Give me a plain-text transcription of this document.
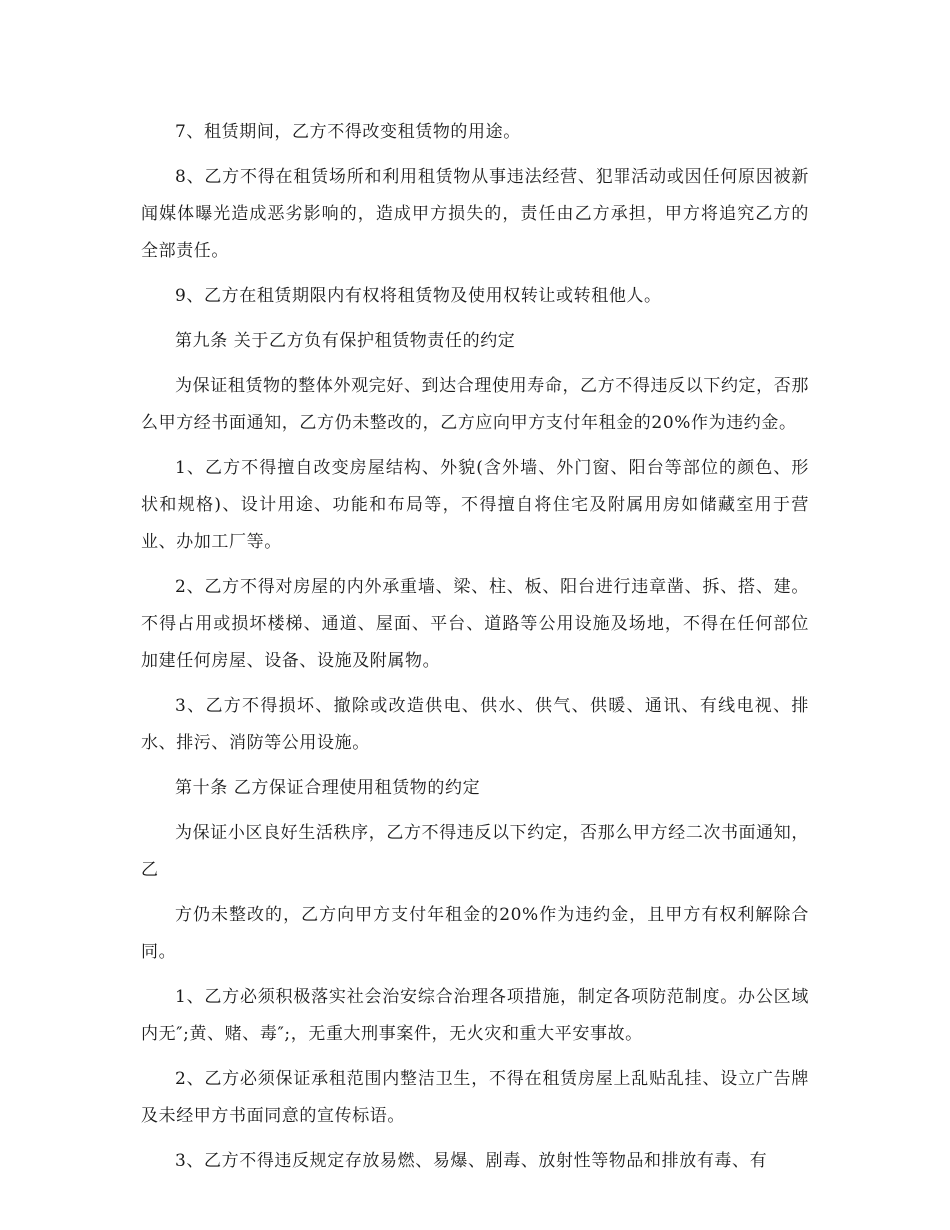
7、租赁期间，乙方不得改变租赁物的用途。

8、乙方不得在租赁场所和利用租赁物从事违法经营、犯罪活动或因任何原因被新闻媒体曝光造成恶劣影响的，造成甲方损失的，责任由乙方承担，甲方将追究乙方的全部责任。

9、乙方在租赁期限内有权将租赁物及使用权转让或转租他人。

第九条 关于乙方负有保护租赁物责任的约定

为保证租赁物的整体外观完好、到达合理使用寿命，乙方不得违反以下约定，否那么甲方经书面通知，乙方仍未整改的，乙方应向甲方支付年租金的20%作为违约金。

1、乙方不得擅自改变房屋结构、外貌(含外墙、外门窗、阳台等部位的颜色、形状和规格)、设计用途、功能和布局等，不得擅自将住宅及附属用房如储藏室用于营业、办加工厂等。

2、乙方不得对房屋的内外承重墙、梁、柱、板、阳台进行违章凿、拆、搭、建。不得占用或损坏楼梯、通道、屋面、平台、道路等公用设施及场地，不得在任何部位加建任何房屋、设备、设施及附属物。

3、乙方不得损坏、撤除或改造供电、供水、供气、供暖、通讯、有线电视、排水、排污、消防等公用设施。

第十条 乙方保证合理使用租赁物的约定

为保证小区良好生活秩序，乙方不得违反以下约定，否那么甲方经二次书面通知，乙

方仍未整改的，乙方向甲方支付年租金的20%作为违约金，且甲方有权利解除合同。

1、乙方必须积极落实社会治安综合治理各项措施，制定各项防范制度。办公区域内无″;黄、赌、毒″;，无重大刑事案件，无火灾和重大平安事故。

2、乙方必须保证承租范围内整洁卫生，不得在租赁房屋上乱贴乱挂、设立广告牌及未经甲方书面同意的宣传标语。

3、乙方不得违反规定存放易燃、易爆、剧毒、放射性等物品和排放有毒、有
